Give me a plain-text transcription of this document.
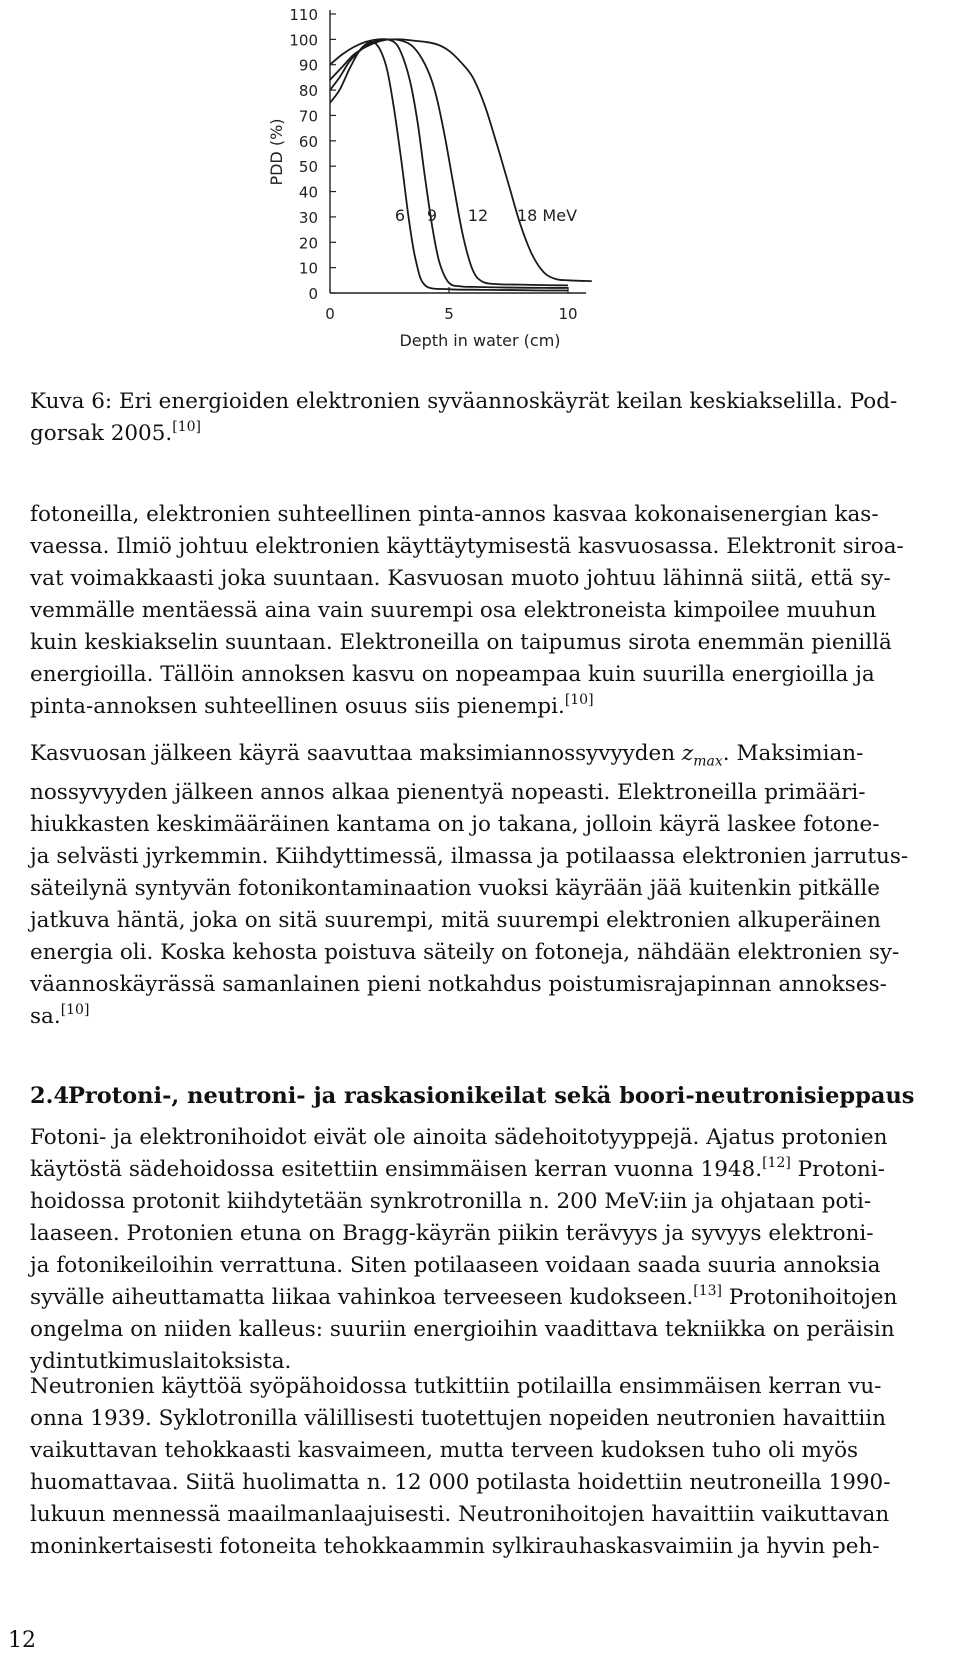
0
10
20
30
40
50
60
70
80
90
100
110
0	5	10
6 9 12 18 MeV
PDD (%)
Depth in water (cm)
Kuva 6: Eri energioiden elektronien syväannoskäyrät keilan keskiakselilla. Pod-
gorsak 2005.[10]
fotoneilla, elektronien suhteellinen pinta-annos kasvaa kokonaisenergian kas-
vaessa. Ilmiö johtuu elektronien käyttäytymisestä kasvuosassa. Elektronit siroa-
vat voimakkaasti joka suuntaan. Kasvuosan muoto johtuu lähinnä siitä, että sy-
vemmälle mentäessä aina vain suurempi osa elektroneista kimpoilee muuhun
kuin keskiakselin suuntaan. Elektroneilla on taipumus sirota enemmän pienillä
energioilla. Tällöin annoksen kasvu on nopeampaa kuin suurilla energioilla ja
pinta-annoksen suhteellinen osuus siis pienempi.[10]
Kasvuosan jälkeen käyrä saavuttaa maksimiannossyvyyden $z_{max}$. Maksimian-
nossyvyyden jälkeen annos alkaa pienentyä nopeasti. Elektroneilla primääri-
hiukkasten keskimääräinen kantama on jo takana, jolloin käyrä laskee fotone-
ja selvästi jyrkemmin. Kiihdyttimessä, ilmassa ja potilaassa elektronien jarrutus-
säteilynä syntyvän fotonikontaminaation vuoksi käyrään jää kuitenkin pitkälle
jatkuva häntä, joka on sitä suurempi, mitä suurempi elektronien alkuperäinen
energia oli. Koska kehosta poistuva säteily on fotoneja, nähdään elektronien sy-
väannoskäyrässä samanlainen pieni notkahdus poistumisrajapinnan annokses-
sa.[10]
2.4Protoni-, neutroni- ja raskasionikeilat sekä boori-neutronisieppaus
Fotoni- ja elektronihoidot eivät ole ainoita sädehoitotyyppejä. Ajatus protonien
käytöstä sädehoidossa esitettiin ensimmäisen kerran vuonna 1948.[12] Protoni-
hoidossa protonit kiihdytetään synkrotronilla n. 200 MeV:iin ja ohjataan poti-
laaseen. Protonien etuna on Bragg-käyrän piikin terävyys ja syvyys elektroni-
ja fotonikeiloihin verrattuna. Siten potilaaseen voidaan saada suuria annoksia
syvälle aiheuttamatta liikaa vahinkoa terveeseen kudokseen.[13] Protonihoitojen
ongelma on niiden kalleus: suuriin energioihin vaadittava tekniikka on peräisin
ydintutkimuslaitoksista.
Neutronien käyttöä syöpähoidossa tutkittiin potilailla ensimmäisen kerran vu-
onna 1939. Syklotronilla välillisesti tuotettujen nopeiden neutronien havaittiin
vaikuttavan tehokkaasti kasvaimeen, mutta terveen kudoksen tuho oli myös
huomattavaa. Siitä huolimatta n. 12 000 potilasta hoidettiin neutroneilla 1990-
lukuun mennessä maailmanlaajuisesti. Neutronihoitojen havaittiin vaikuttavan
moninkertaisesti fotoneita tehokkaammin sylkirauhaskasvaimiin ja hyvin peh-
12
